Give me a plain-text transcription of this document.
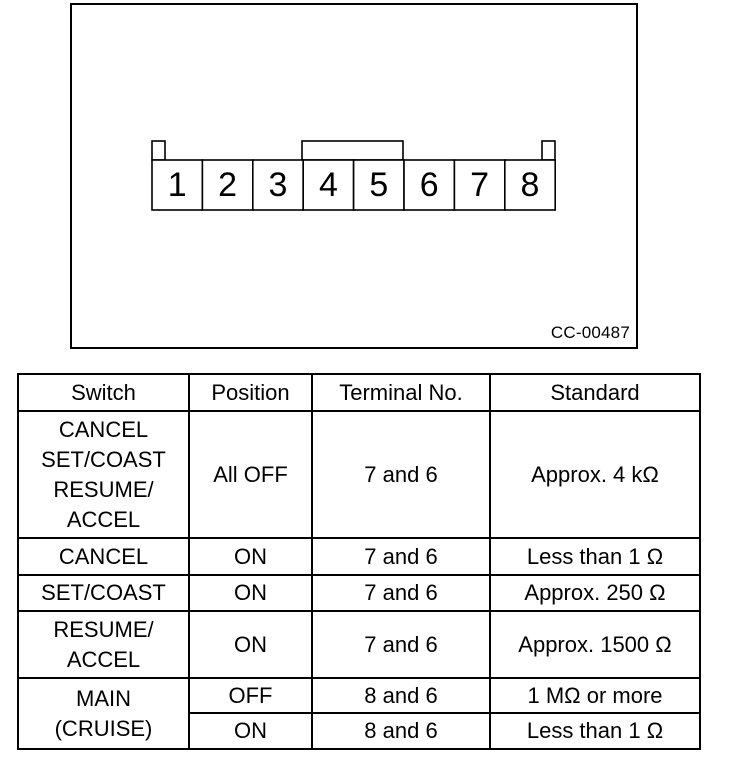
1 2 3 4 5 6 7 8
CC-00487
Switch	Position	Terminal No.	Standard
CANCEL
SET/COAST
RESUME/
ACCEL	All OFF	7 and 6	Approx. 4 kΩ
CANCEL	ON	7 and 6	Less than 1 Ω
SET/COAST	ON	7 and 6	Approx. 250 Ω
RESUME/
ACCEL	ON	7 and 6	Approx. 1500 Ω
MAIN
(CRUISE)	OFF	8 and 6	1 MΩ or more
	ON	8 and 6	Less than 1 Ω
